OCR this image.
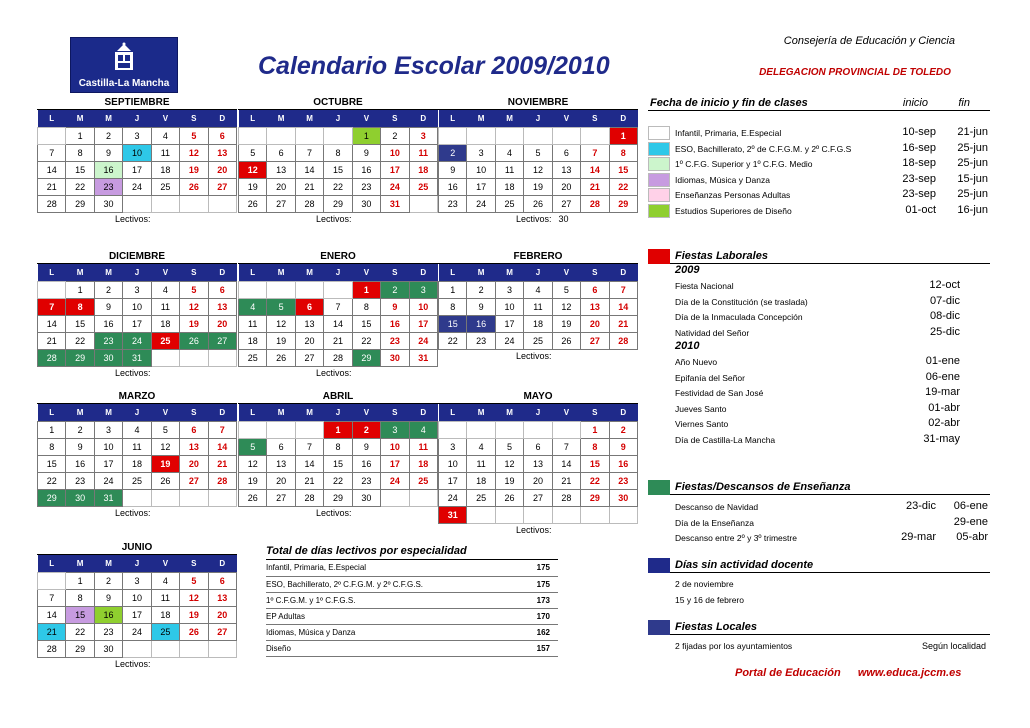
Castilla-La Mancha
Consejería de Educación y Ciencia
Calendario Escolar 2009/2010	DELEGACION PROVINCIAL DE TOLEDO
SEPTIEMBRE
L	M	M	J	V	S	D
	1	2	3	4	5	6
7	8	9	10	11	12	13
14	15	16	17	18	19	20
21	22	23	24	25	26	27
28	29	30				
Lectivos:
OCTUBRE
L	M	M	J	V	S	D
				1	2	3
5	6	7	8	9	10	11
12	13	14	15	16	17	18
19	20	21	22	23	24	25
26	27	28	29	30	31	
Lectivos:
NOVIEMBRE
L	M	M	J	V	S	D
						1
2	3	4	5	6	7	8
9	10	11	12	13	14	15
16	17	18	19	20	21	22
23	24	25	26	27	28	29
Lectivos: 30
DICIEMBRE
L	M	M	J	V	S	D
	1	2	3	4	5	6
7	8	9	10	11	12	13
14	15	16	17	18	19	20
21	22	23	24	25	26	27
28	29	30	31			
Lectivos:
ENERO
L	M	M	J	V	S	D
				1	2	3
4	5	6	7	8	9	10
11	12	13	14	15	16	17
18	19	20	21	22	23	24
25	26	27	28	29	30	31
Lectivos:
FEBRERO
L	M	M	J	V	S	D
1	2	3	4	5	6	7
8	9	10	11	12	13	14
15	16	17	18	19	20	21
22	23	24	25	26	27	28
Lectivos:
MARZO
L	M	M	J	V	S	D
1	2	3	4	5	6	7
8	9	10	11	12	13	14
15	16	17	18	19	20	21
22	23	24	25	26	27	28
29	30	31				
Lectivos:
ABRIL
L	M	M	J	V	S	D
			1	2	3	4
5	6	7	8	9	10	11
12	13	14	15	16	17	18
19	20	21	22	23	24	25
26	27	28	29	30		
Lectivos:
MAYO
L	M	M	J	V	S	D
					1	2
3	4	5	6	7	8	9
10	11	12	13	14	15	16
17	18	19	20	21	22	23
24	25	26	27	28	29	30
31						
Lectivos:
JUNIO
L	M	M	J	V	S	D
	1	2	3	4	5	6
7	8	9	10	11	12	13
14	15	16	17	18	19	20
21	22	23	24	25	26	27
28	29	30				
Lectivos:
Fecha de inicio y fin de clases	inicio	fin
Infantil, Primaria, E.Especial	10-sep 21-jun
ESO, Bachillerato, 2º de C.F.G.M. y 2º C.F.G.S	16-sep 25-jun
1º C.F.G. Superior y 1º C.F.G. Medio	18-sep 25-jun
Idiomas, Música y Danza	23-sep 15-jun
Enseñanzas Personas Adultas	23-sep 25-jun
Estudios Superiores de Diseño	01-oct 16-jun
Fiestas Laborales
2009
Fiesta Nacional	12-oct
Día de la Constitución (se traslada)	07-dic
Día de la Inmaculada Concepción	08-dic
Natividad del Señor	25-dic
2010
Año Nuevo	01-ene
Epifanía del Señor	06-ene
Festividad de San José	19-mar
Jueves Santo	01-abr
Viernes Santo	02-abr
Día de Castilla-La Mancha	31-may
Fiestas/Descansos de Enseñanza
Descanso de Navidad	23-dic 06-ene
Día de la Enseñanza	29-ene
Descanso entre 2º y 3º trimestre	29-mar 05-abr
Días sin actividad docente
2 de noviembre
15 y 16 de febrero
Fiestas Locales
2 fijadas por los ayuntamientos	Según localidad
Total de días lectivos por especialidad
Infantil, Primaria, E.Especial	175
ESO, Bachillerato, 2º C.F.G.M. y 2º C.F.G.S.	175
1º C.F.G.M. y 1º C.F.G.S.	173
EP Adultas	170
Idiomas, Música y Danza	162
Diseño	157
Portal de Educación www.educa.jccm.es
